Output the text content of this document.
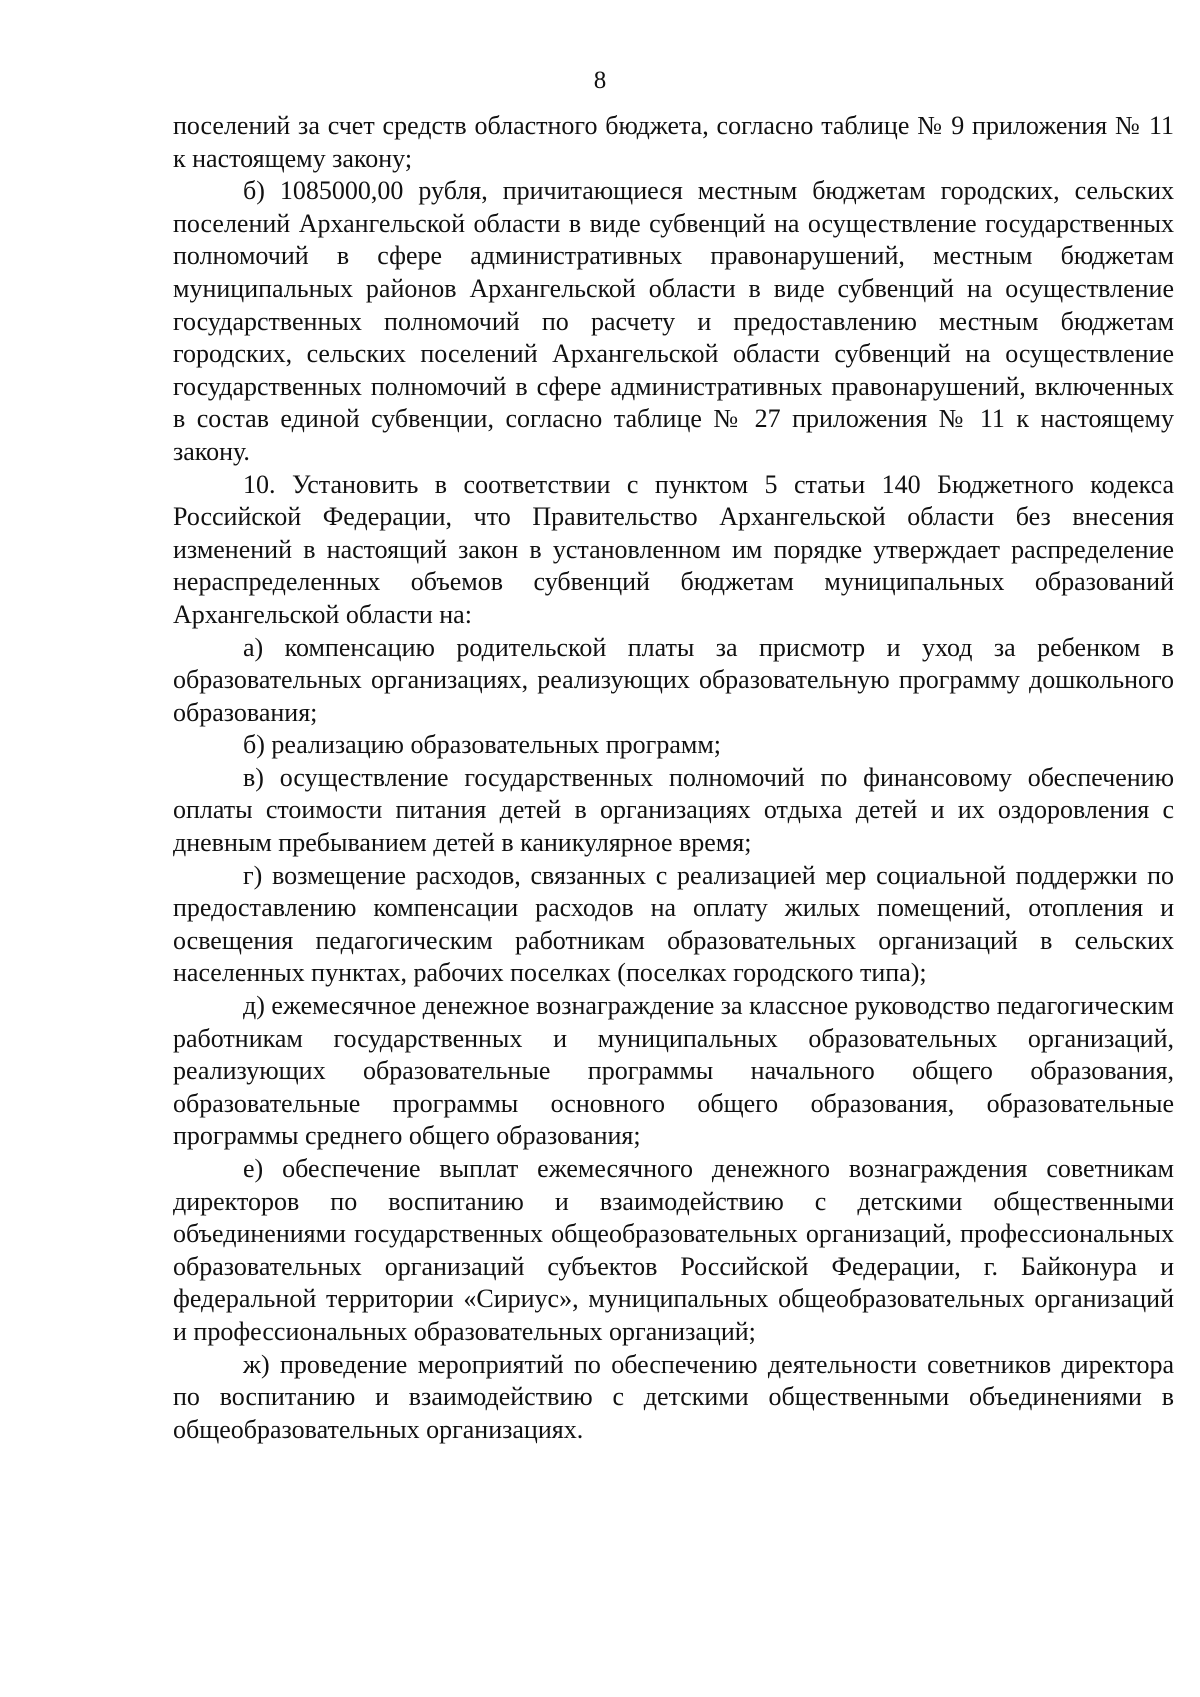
8

поселений за счет средств областного бюджета, согласно таблице № 9 приложения № 11 к настоящему закону;

б) 1085000,00 рубля, причитающиеся местным бюджетам городских, сельских поселений Архангельской области в виде субвенций на осуществление государственных полномочий в сфере административных правонарушений, местным бюджетам муниципальных районов Архангельской области в виде субвенций на осуществление государственных полномочий по расчету и предоставлению местным бюджетам городских, сельских поселений Архангельской области субвенций на осуществление государственных полномочий в сфере административных правонарушений, включенных в состав единой субвенции, согласно таблице № 27 приложения № 11 к настоящему закону.

10. Установить в соответствии с пунктом 5 статьи 140 Бюджетного кодекса Российской Федерации, что Правительство Архангельской области без внесения изменений в настоящий закон в установленном им порядке утверждает распределение нераспределенных объемов субвенций бюджетам муниципальных образований Архангельской области на:

а) компенсацию родительской платы за присмотр и уход за ребенком в образовательных организациях, реализующих образовательную программу дошкольного образования;

б) реализацию образовательных программ;

в) осуществление государственных полномочий по финансовому обеспечению оплаты стоимости питания детей в организациях отдыха детей и их оздоровления с дневным пребыванием детей в каникулярное время;

г) возмещение расходов, связанных с реализацией мер социальной поддержки по предоставлению компенсации расходов на оплату жилых помещений, отопления и освещения педагогическим работникам образовательных организаций в сельских населенных пунктах, рабочих поселках (поселках городского типа);

д) ежемесячное денежное вознаграждение за классное руководство педагогическим работникам государственных и муниципальных образовательных организаций, реализующих образовательные программы начального общего образования, образовательные программы основного общего образования, образовательные программы среднего общего образования;

е) обеспечение выплат ежемесячного денежного вознаграждения советникам директоров по воспитанию и взаимодействию с детскими общественными объединениями государственных общеобразовательных организаций, профессиональных образовательных организаций субъектов Российской Федерации, г. Байконура и федеральной территории «Сириус», муниципальных общеобразовательных организаций и профессиональных образовательных организаций;

ж) проведение мероприятий по обеспечению деятельности советников директора по воспитанию и взаимодействию с детскими общественными объединениями в общеобразовательных организациях.
